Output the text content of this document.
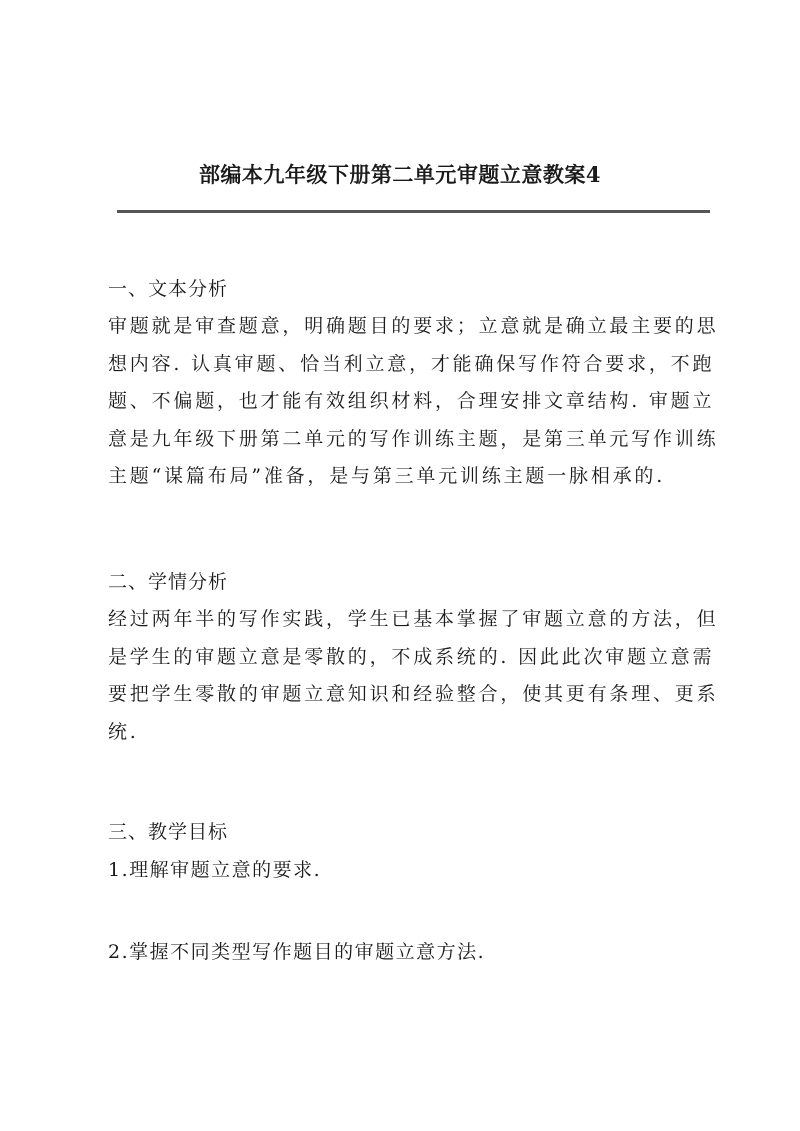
部编本九年级下册第二单元审题立意教案4
一、文本分析

审题就是审查题意，明确题目的要求；立意就是确立最主要的思
想内容. 认真审题、恰当利立意，才能确保写作符合要求，不跑
题、不偏题，也才能有效组织材料，合理安排文章结构. 审题立
意是九年级下册第二单元的写作训练主题，是第三单元写作训练
主题“谋篇布局”准备，是与第三单元训练主题一脉相承的.

二、学情分析

经过两年半的写作实践，学生已基本掌握了审题立意的方法，但
是学生的审题立意是零散的，不成系统的. 因此此次审题立意需
要把学生零散的审题立意知识和经验整合，使其更有条理、更系
统.

三、教学目标
1.理解审题立意的要求.
2.掌握不同类型写作题目的审题立意方法.
